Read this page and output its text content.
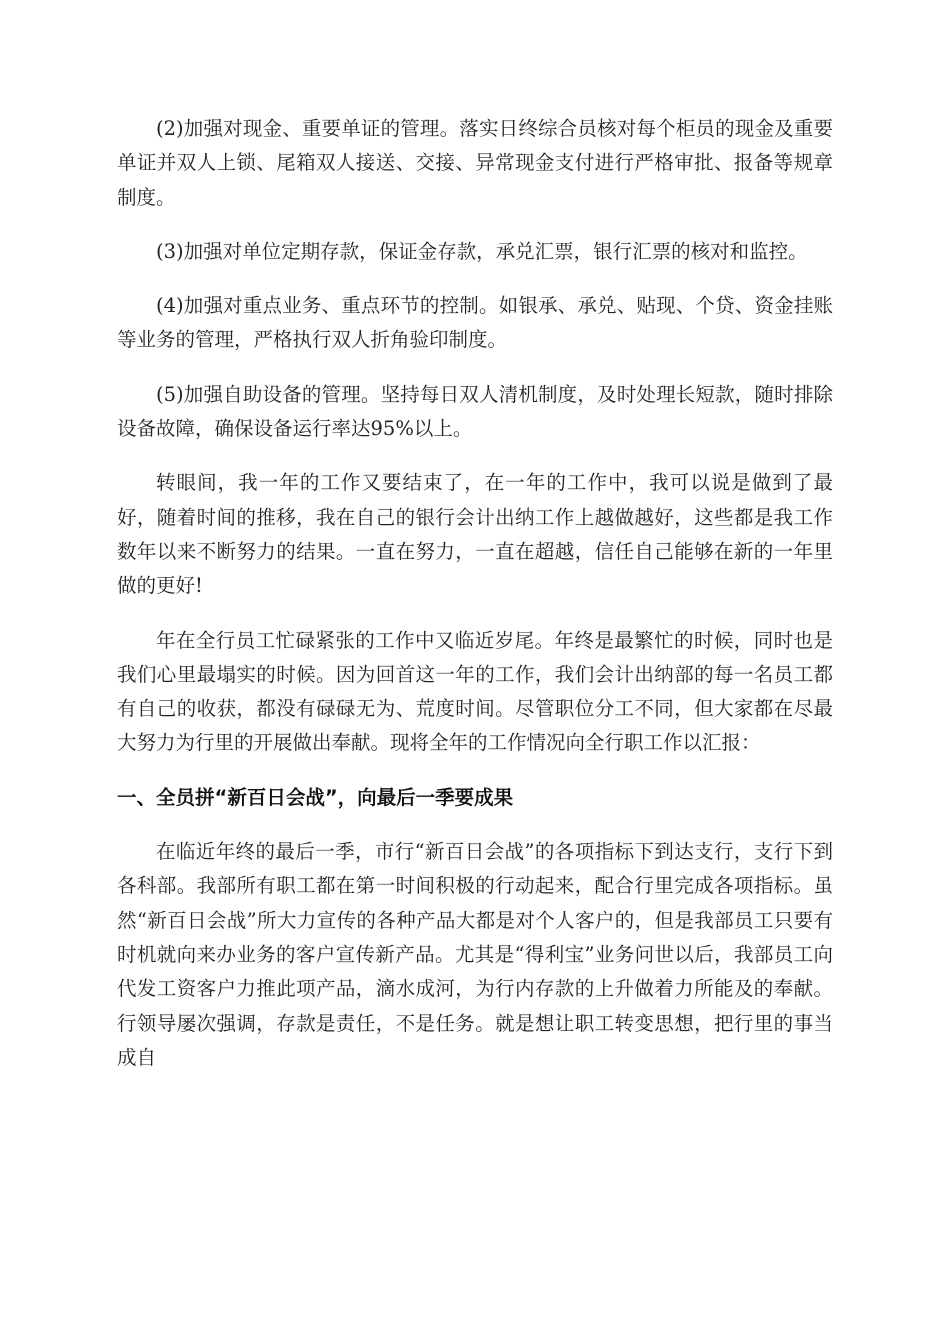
(2)加强对现金、重要单证的管理。落实日终综合员核对每个柜员的现金及重要单证并双人上锁、尾箱双人接送、交接、异常现金支付进行严格审批、报备等规章制度。

(3)加强对单位定期存款，保证金存款，承兑汇票，银行汇票的核对和监控。

(4)加强对重点业务、重点环节的控制。如银承、承兑、贴现、个贷、资金挂账等业务的管理，严格执行双人折角验印制度。

(5)加强自助设备的管理。坚持每日双人清机制度，及时处理长短款，随时排除设备故障，确保设备运行率达95%以上。

转眼间，我一年的工作又要结束了，在一年的工作中，我可以说是做到了最好，随着时间的推移，我在自己的银行会计出纳工作上越做越好，这些都是我工作数年以来不断努力的结果。一直在努力，一直在超越，信任自己能够在新的一年里做的更好!

年在全行员工忙碌紧张的工作中又临近岁尾。年终是最繁忙的时候，同时也是我们心里最塌实的时候。因为回首这一年的工作，我们会计出纳部的每一名员工都有自己的收获，都没有碌碌无为、荒度时间。尽管职位分工不同，但大家都在尽最大努力为行里的开展做出奉献。现将全年的工作情况向全行职工作以汇报：

一、全员拼“新百日会战”，向最后一季要成果

在临近年终的最后一季，市行“新百日会战”的各项指标下到达支行，支行下到各科部。我部所有职工都在第一时间积极的行动起来，配合行里完成各项指标。虽然“新百日会战”所大力宣传的各种产品大都是对个人客户的，但是我部员工只要有时机就向来办业务的客户宣传新产品。尤其是“得利宝”业务问世以后，我部员工向代发工资客户力推此项产品，滴水成河，为行内存款的上升做着力所能及的奉献。行领导屡次强调，存款是责任，不是任务。就是想让职工转变思想，把行里的事当成自
